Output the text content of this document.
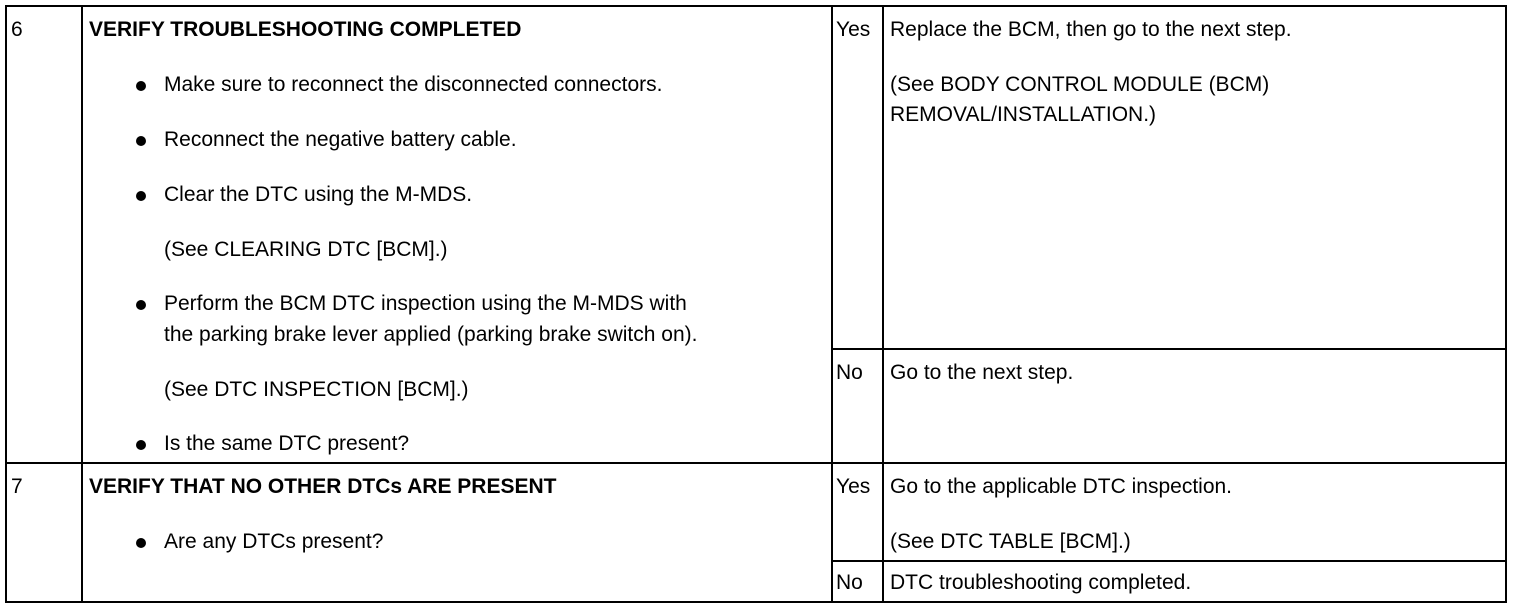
6	VERIFY TROUBLESHOOTING COMPLETED
Make sure to reconnect the disconnected connectors.
Reconnect the negative battery cable.
Clear the DTC using the M-MDS.
(See CLEARING DTC [BCM].)
Perform the BCM DTC inspection using the M-MDS with
the parking brake lever applied (parking brake switch on).
(See DTC INSPECTION [BCM].)
Is the same DTC present?
Yes Replace the BCM, then go to the next step.
(See BODY CONTROL MODULE (BCM)
REMOVAL/INSTALLATION.)
No Go to the next step.
7	VERIFY THAT NO OTHER DTCs ARE PRESENT
Are any DTCs present?
Yes Go to the applicable DTC inspection.
(See DTC TABLE [BCM].)
No DTC troubleshooting completed.
